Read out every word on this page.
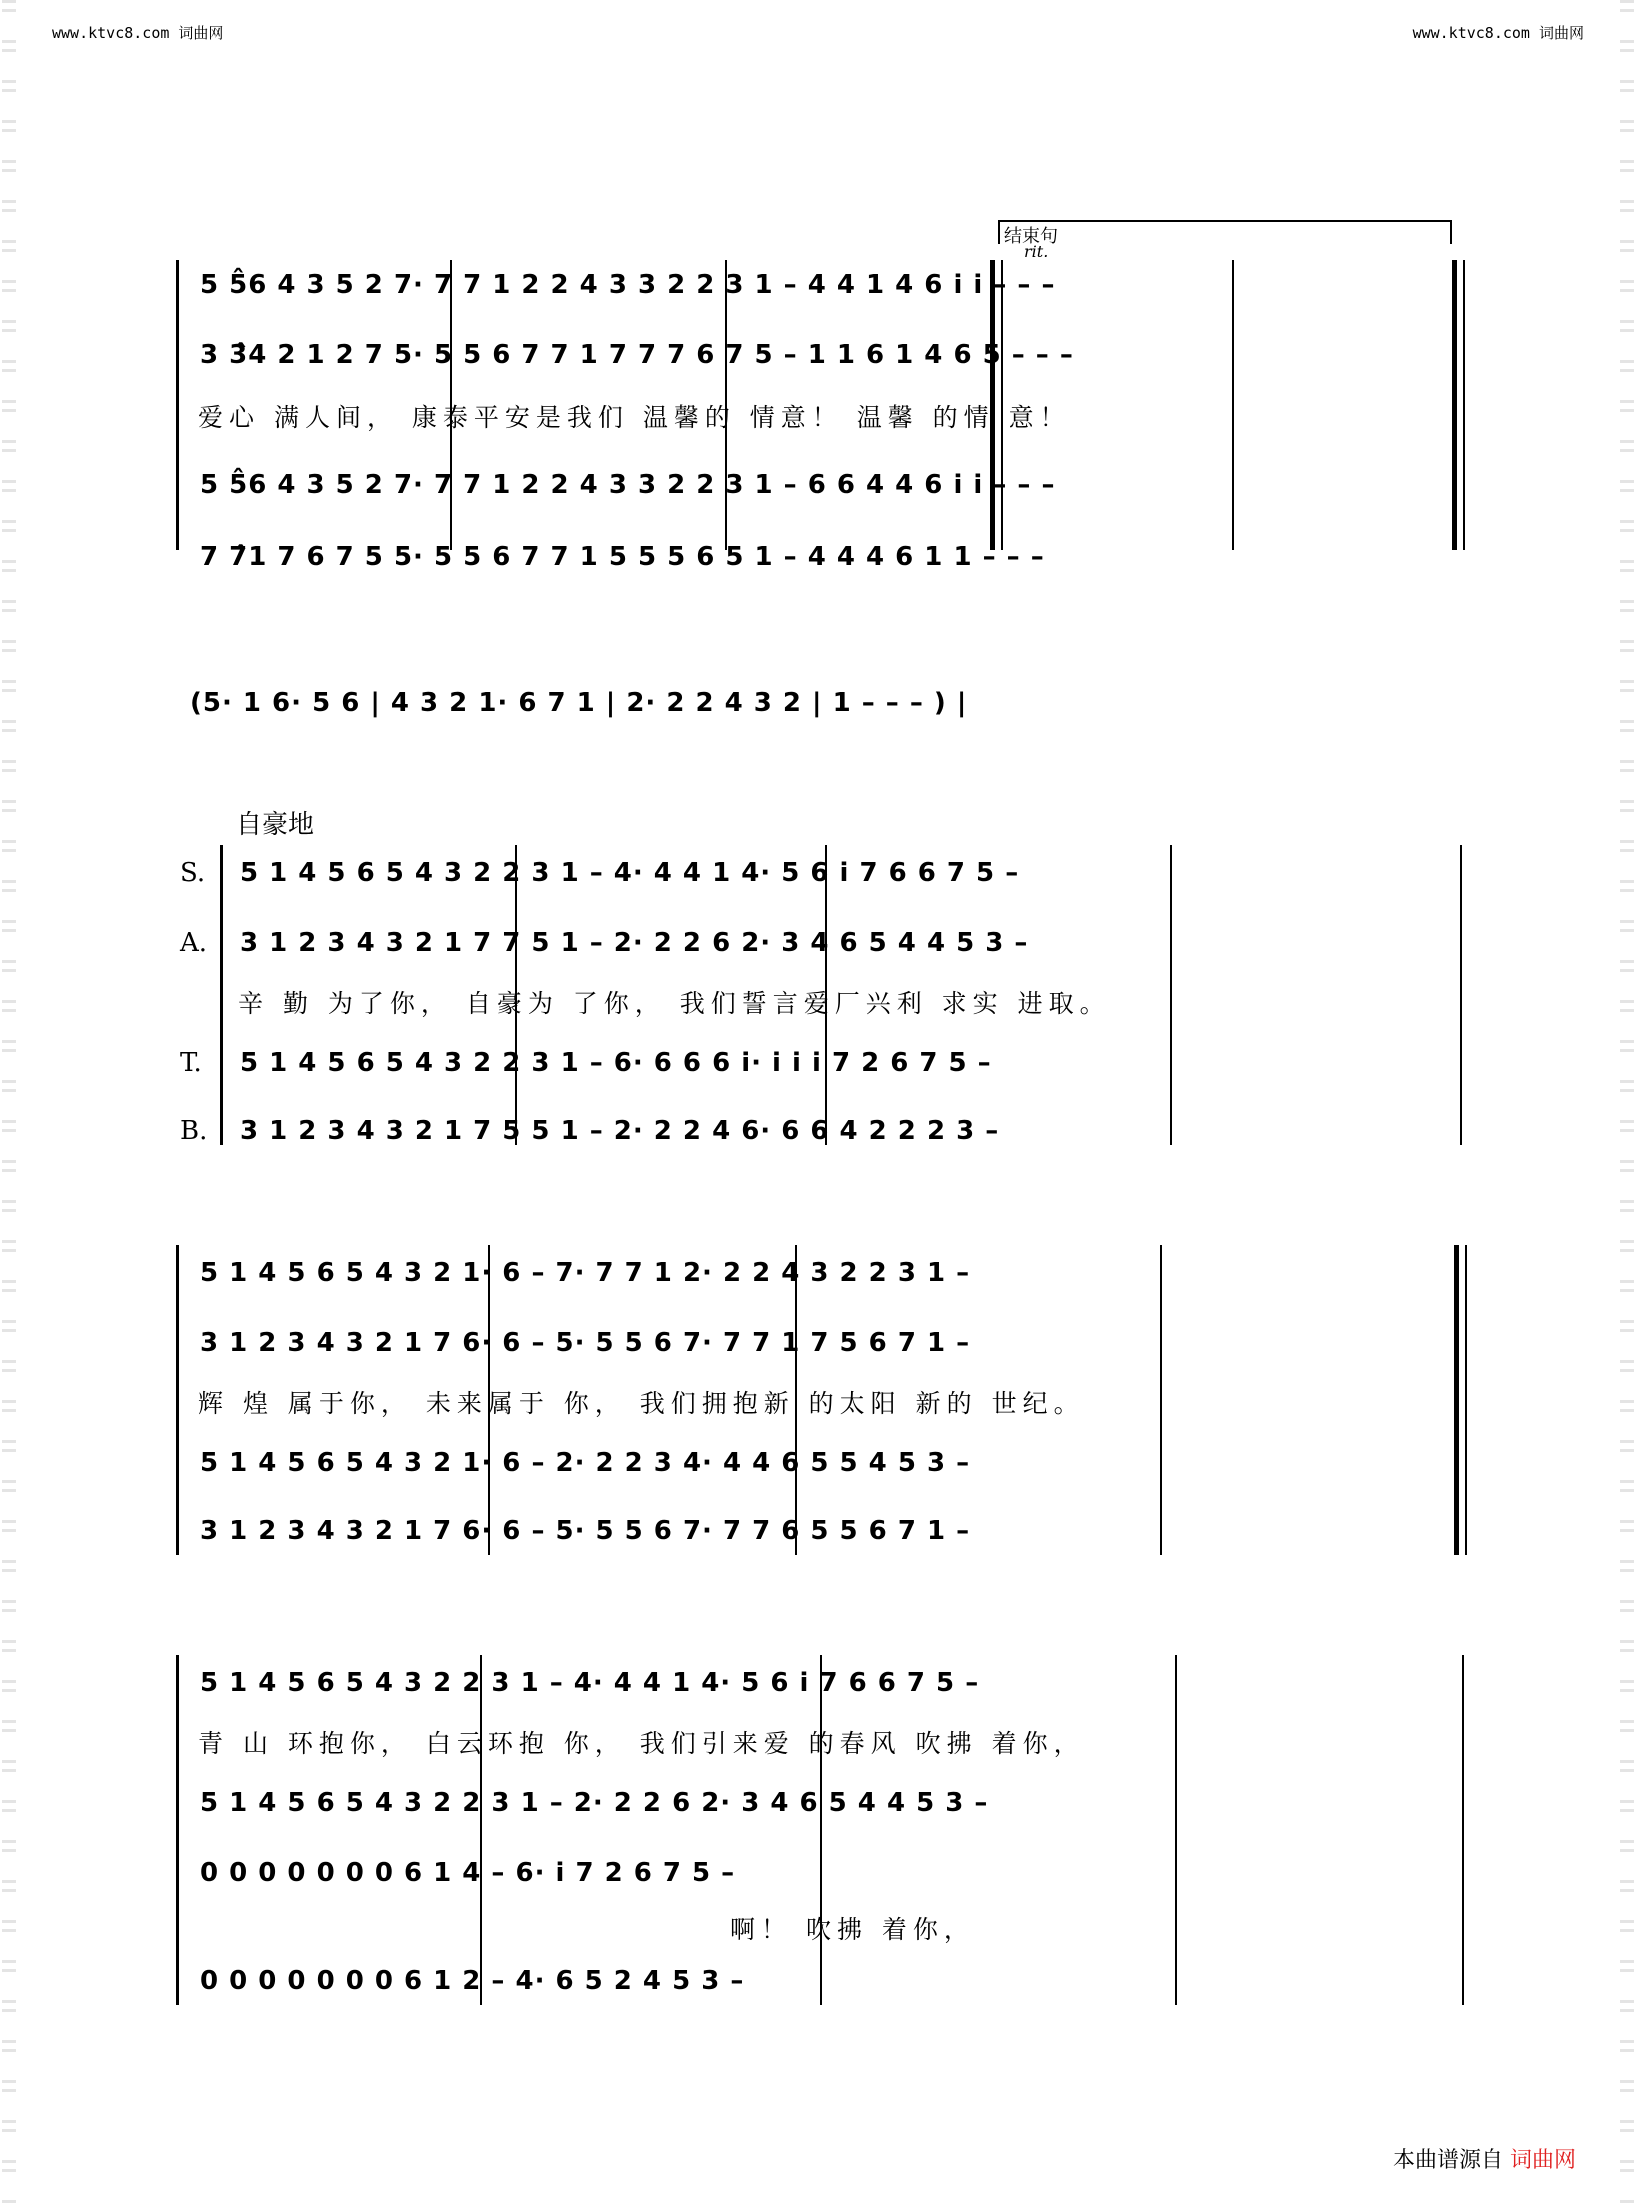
www.ktvc8.com 词曲网	www.ktvc8.com 词曲网
结束句
rit.
5 5̂6 4 3 5 2 7· 7 7 1 2 2 4 3 3 2 2 3 1 – 4 4 1 4 6 i i – – –
3 3̂4 2 1 2 7 5· 5 5 6 7 7 1 7 7 7 6 7 5 – 1 1 6 1 4 6 5 – – –
爱心 满人间， 康泰平安是我们 温馨的 情意！ 温馨 的情 意！
5 5̂6 4 3 5 2 7· 7 7 1 2 2 4 3 3 2 2 3 1 – 6 6 4 4 6 i i – – –
7 7̂1 7 6 7 5 5· 5 5 6 7 7 1 5 5 5 6 5 1 – 4 4 4 6 1 1 – – –
(5· 1 6· 5 6 | 4 3 2 1· 6 7 1 | 2· 2 2 4 3 2 | 1 – – – ) |
自豪地
S.
A.
T.
B.
5 1 4 5 6 5 4 3 2 2 3 1 – 4· 4 4 1 4· 5 6 i 7 6 6 7 5 –
3 1 2 3 4 3 2 1 7 7 5 1 – 2· 2 2 6 2· 3 4 6 5 4 4 5 3 –
辛 勤 为了你， 自豪为 了你， 我们誓言爱厂兴利 求实 进取。
5 1 4 5 6 5 4 3 2 2 3 1 – 6· 6 6 6 i· i i i 7 2 6 7 5 –
3 1 2 3 4 3 2 1 7 5 5 1 – 2· 2 2 4 6· 6 6 4 2 2 2 3 –
5 1 4 5 6 5 4 3 2 1· 6 – 7· 7 7 1 2· 2 2 4 3 2 2 3 1 –
3 1 2 3 4 3 2 1 7 6· 6 – 5· 5 5 6 7· 7 7 1 7 5 6 7 1 –
辉 煌 属于你， 未来属于 你， 我们拥抱新 的太阳 新的 世纪。
5 1 4 5 6 5 4 3 2 1· 6 – 2· 2 2 3 4· 4 4 6 5 5 4 5 3 –
3 1 2 3 4 3 2 1 7 6· 6 – 5· 5 5 6 7· 7 7 6 5 5 6 7 1 –
5 1 4 5 6 5 4 3 2 2 3 1 – 4· 4 4 1 4· 5 6 i 7 6 6 7 5 –
青 山 环抱你， 白云环抱 你， 我们引来爱 的春风 吹拂 着你，
5 1 4 5 6 5 4 3 2 2 3 1 – 2· 2 2 6 2· 3 4 6 5 4 4 5 3 –
0 0 0 0 0 0 0 6 1 4 – 6· i 7 2 6 7 5 –
啊！ 吹拂 着你，
0 0 0 0 0 0 0 6 1 2 – 4· 6 5 2 4 5 3 –
本曲谱源自 词曲网
